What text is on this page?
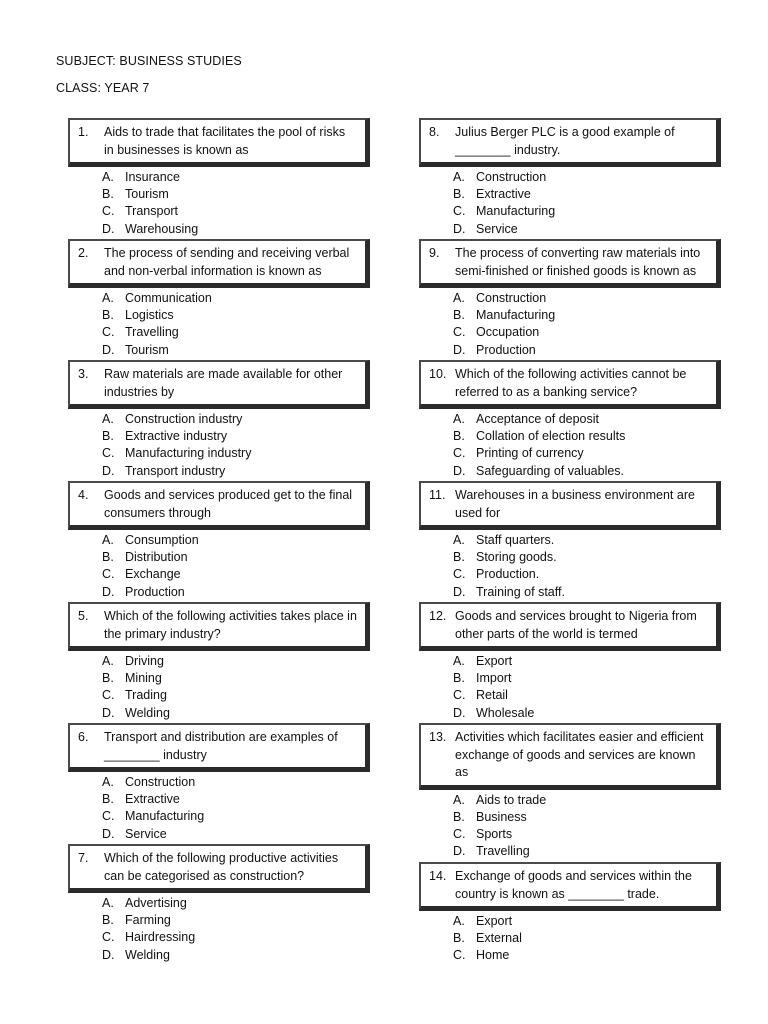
SUBJECT: BUSINESS STUDIES
CLASS: YEAR 7
1.	Aids to trade that facilitates the pool of risks in businesses is known as
A. Insurance
B. Tourism
C. Transport
D. Warehousing
2.	The process of sending and receiving verbal and non-verbal information is known as
A. Communication
B. Logistics
C. Travelling
D. Tourism
3.	Raw materials are made available for other industries by
A. Construction industry
B. Extractive industry
C. Manufacturing industry
D. Transport industry
4.	Goods and services produced get to the final consumers through
A. Consumption
B. Distribution
C. Exchange
D. Production
5.	Which of the following activities takes place in the primary industry?
A. Driving
B. Mining
C. Trading
D. Welding
6.	Transport and distribution are examples of ________ industry
A. Construction
B. Extractive
C. Manufacturing
D. Service
7.	Which of the following productive activities can be categorised as construction?
A. Advertising
B. Farming
C. Hairdressing
D. Welding
8.	Julius Berger PLC is a good example of ________ industry.
A. Construction
B. Extractive
C. Manufacturing
D. Service
9.	The process of converting raw materials into semi-finished or finished goods is known as
A. Construction
B. Manufacturing
C. Occupation
D. Production
10. Which of the following activities cannot be referred to as a banking service?
A. Acceptance of deposit
B. Collation of election results
C. Printing of currency
D. Safeguarding of valuables.
11. Warehouses in a business environment are used for
A. Staff quarters.
B. Storing goods.
C. Production.
D. Training of staff.
12. Goods and services brought to Nigeria from other parts of the world is termed
A. Export
B. Import
C. Retail
D. Wholesale
13. Activities which facilitates easier and efficient exchange of goods and services are known as
A. Aids to trade
B. Business
C. Sports
D. Travelling
14. Exchange of goods and services within the country is known as ________ trade.
A. Export
B. External
C. Home
